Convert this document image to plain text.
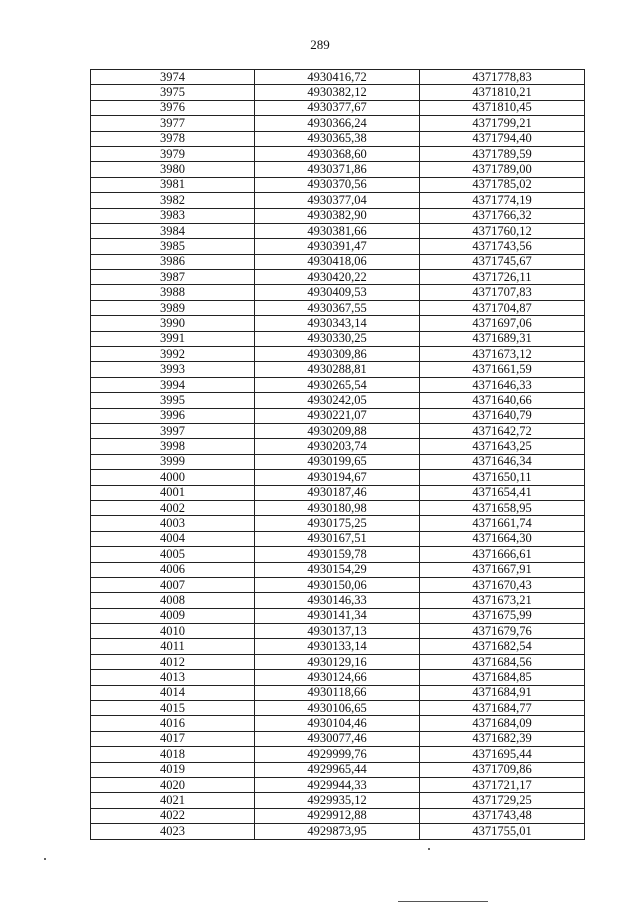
289
3974	4930416,72	4371778,83
3975	4930382,12	4371810,21
3976	4930377,67	4371810,45
3977	4930366,24	4371799,21
3978	4930365,38	4371794,40
3979	4930368,60	4371789,59
3980	4930371,86	4371789,00
3981	4930370,56	4371785,02
3982	4930377,04	4371774,19
3983	4930382,90	4371766,32
3984	4930381,66	4371760,12
3985	4930391,47	4371743,56
3986	4930418,06	4371745,67
3987	4930420,22	4371726,11
3988	4930409,53	4371707,83
3989	4930367,55	4371704,87
3990	4930343,14	4371697,06
3991	4930330,25	4371689,31
3992	4930309,86	4371673,12
3993	4930288,81	4371661,59
3994	4930265,54	4371646,33
3995	4930242,05	4371640,66
3996	4930221,07	4371640,79
3997	4930209,88	4371642,72
3998	4930203,74	4371643,25
3999	4930199,65	4371646,34
4000	4930194,67	4371650,11
4001	4930187,46	4371654,41
4002	4930180,98	4371658,95
4003	4930175,25	4371661,74
4004	4930167,51	4371664,30
4005	4930159,78	4371666,61
4006	4930154,29	4371667,91
4007	4930150,06	4371670,43
4008	4930146,33	4371673,21
4009	4930141,34	4371675,99
4010	4930137,13	4371679,76
4011	4930133,14	4371682,54
4012	4930129,16	4371684,56
4013	4930124,66	4371684,85
4014	4930118,66	4371684,91
4015	4930106,65	4371684,77
4016	4930104,46	4371684,09
4017	4930077,46	4371682,39
4018	4929999,76	4371695,44
4019	4929965,44	4371709,86
4020	4929944,33	4371721,17
4021	4929935,12	4371729,25
4022	4929912,88	4371743,48
4023	4929873,95	4371755,01
